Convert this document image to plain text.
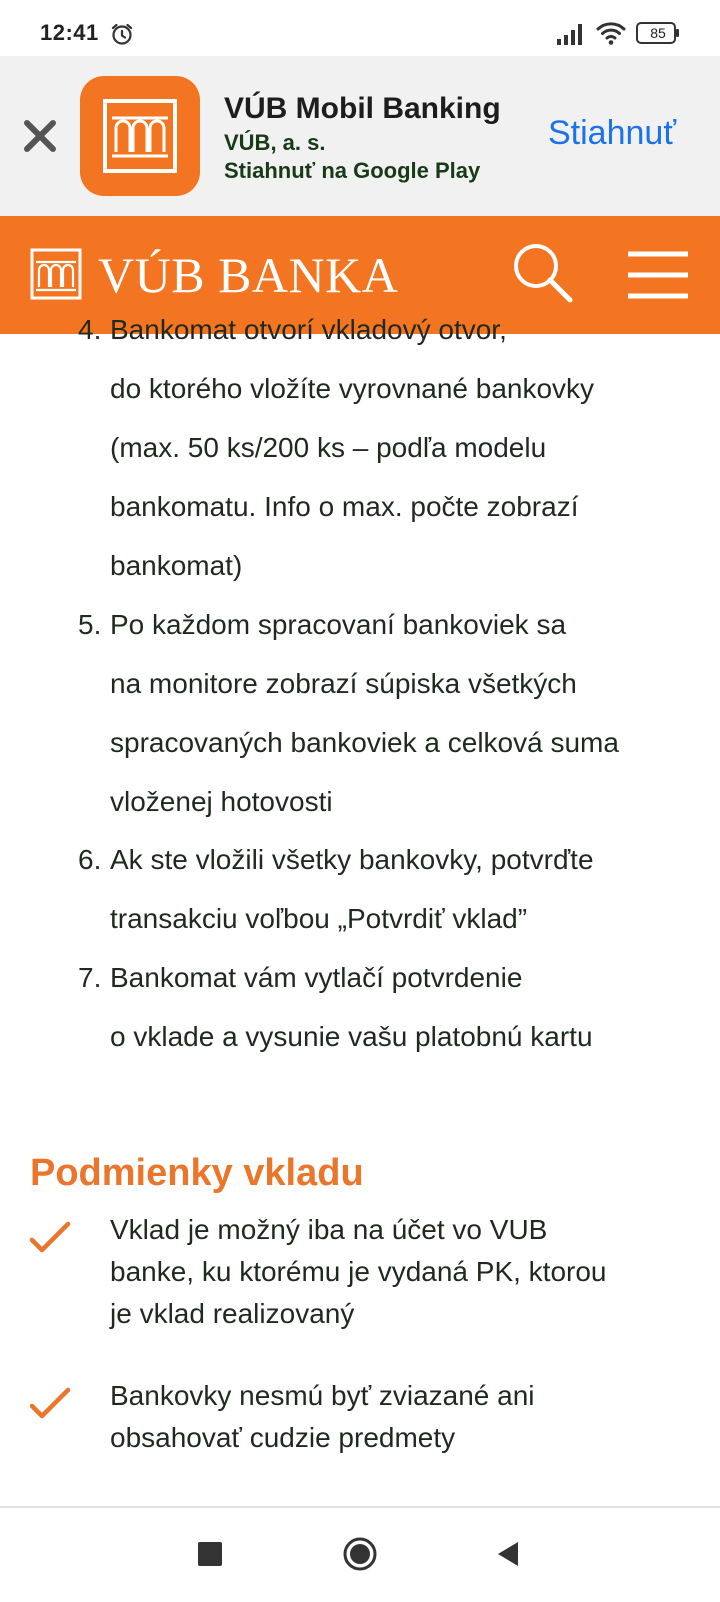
12:41	85
VÚB Mobil Banking
VÚB, a. s.
Stiahnuť na Google Play
Stiahnuť
VÚB BANKA
4. Bankomat otvorí vkladový otvor,
do ktorého vložíte vyrovnané bankovky
(max. 50 ks/200 ks – podľa modelu
bankomatu. Info o max. počte zobrazí
bankomat)
5. Po každom spracovaní bankoviek sa
na monitore zobrazí súpiska všetkých
spracovaných bankoviek a celková suma
vloženej hotovosti
6. Ak ste vložili všetky bankovky, potvrďte
transakciu voľbou „Potvrdiť vklad”
7. Bankomat vám vytlačí potvrdenie
o vklade a vysunie vašu platobnú kartu
Podmienky vkladu
Vklad je možný iba na účet vo VUB
banke, ku ktorému je vydaná PK, ktorou
je vklad realizovaný
Bankovky nesmú byť zviazané ani
obsahovať cudzie predmety
